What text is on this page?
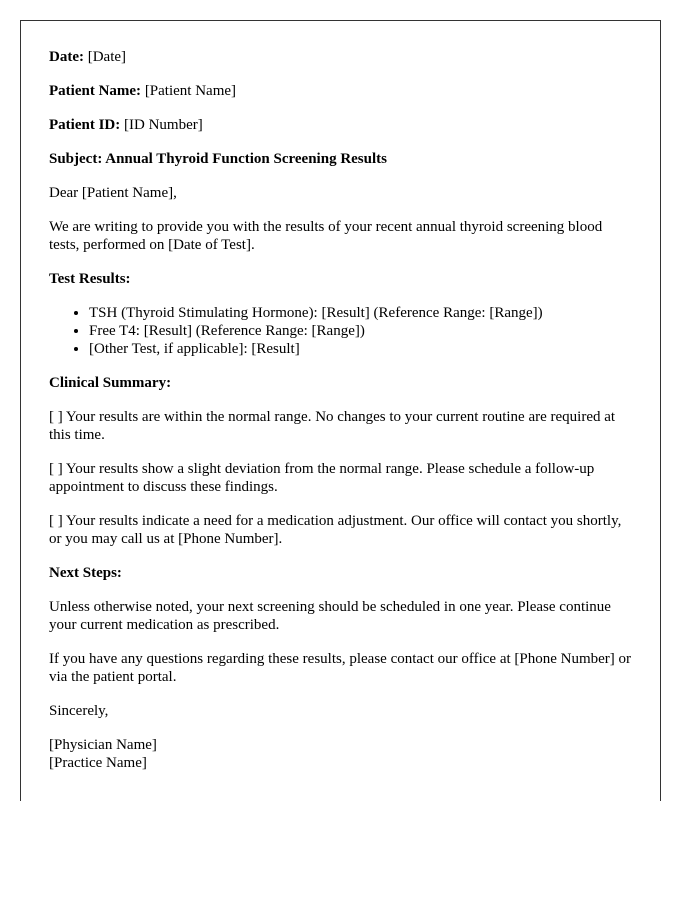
Date: [Date]
Patient Name: [Patient Name]
Patient ID: [ID Number]
Subject: Annual Thyroid Function Screening Results
Dear [Patient Name],
We are writing to provide you with the results of your recent annual thyroid screening blood tests, performed on [Date of Test].
Test Results:
• TSH (Thyroid Stimulating Hormone): [Result] (Reference Range: [Range])
• Free T4: [Result] (Reference Range: [Range])
• [Other Test, if applicable]: [Result]
Clinical Summary:
[ ] Your results are within the normal range. No changes to your current routine are required at this time.
[ ] Your results show a slight deviation from the normal range. Please schedule a follow-up appointment to discuss these findings.
[ ] Your results indicate a need for a medication adjustment. Our office will contact you shortly, or you may call us at [Phone Number].
Next Steps:
Unless otherwise noted, your next screening should be scheduled in one year. Please continue your current medication as prescribed.
If you have any questions regarding these results, please contact our office at [Phone Number] or via the patient portal.
Sincerely,
[Physician Name]
[Practice Name]
